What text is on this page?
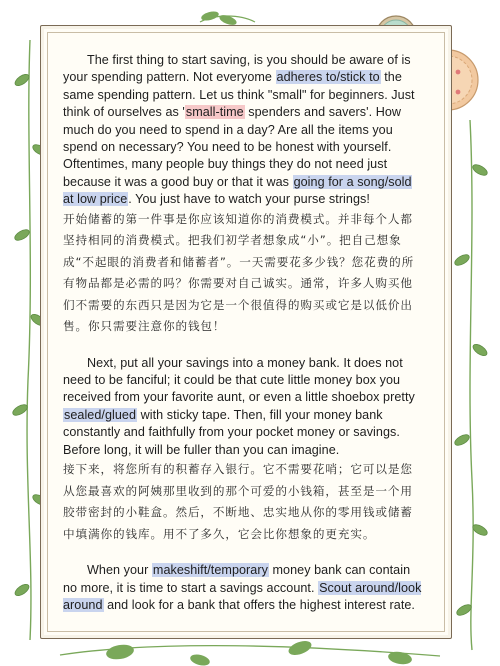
The first thing to start saving, is you should be aware of is your spending pattern. Not everyome adheres to/stick to the same spending pattern. Let us think "small" for beginners. Just think of ourselves as 'small-time spenders and savers'. How much do you need to spend in a day? Are all the items you spend on necessary? You need to be honest with yourself. Oftentimes, many people buy things they do not need just because it was a good buy or that it was going for a song/sold at low price. You just have to watch your purse strings!

开始储蓄的第一件事是你应该知道你的消费模式。并非每个人都坚持相同的消费模式。把我们初学者想象成“小”。把自己想象成“不起眼的消费者和储蓄者”。一天需要花多少钱？您花费的所有物品都是必需的吗？你需要对自己诚实。通常，许多人购买他们不需要的东西只是因为它是一个很值得的购买或它是以低价出售。你只需要注意你的钱包！

Next, put all your savings into a money bank. It does not need to be fanciful; it could be that cute little money box you received from your favorite aunt, or even a little shoebox pretty sealed/glued with sticky tape. Then, fill your money bank constantly and faithfully from your pocket money or savings. Before long, it will be fuller than you can imagine.

接下来，将您所有的积蓄存入银行。它不需要花哨；它可以是您从您最喜欢的阿姨那里收到的那个可爱的小钱箱，甚至是一个用胶带密封的小鞋盒。然后，不断地、忠实地从你的零用钱或储蓄中填满你的钱库。用不了多久，它会比你想象的更充实。

When your makeshift/temporary money bank can contain no more, it is time to start a savings account. Scout around/look around and look for a bank that offers the highest interest rate.
